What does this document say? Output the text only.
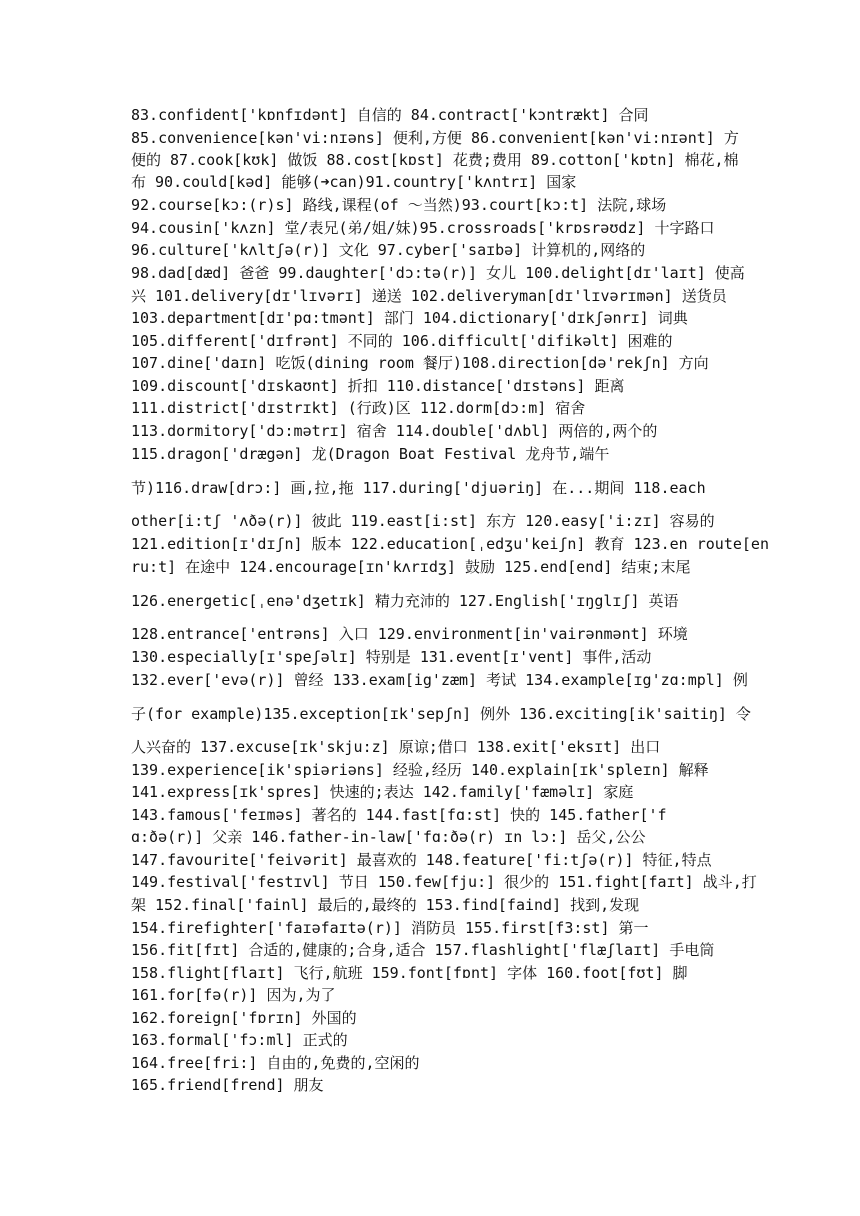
83.confident['kɒnfɪdənt] 自信的 84.contract['kɔntrækt] 合同
85.convenience[kən'vi:nɪəns] 便利,方便 86.convenient[kən'vi:nɪənt] 方
便的 87.cook[kʊk] 做饭 88.cost[kɒst] 花费;费用 89.cotton['kɒtn] 棉花,棉
布 90.could[kəd] 能够(➜can)91.country['kʌntrɪ] 国家
92.course[kɔ:(r)s] 路线,课程(of ～当然)93.court[kɔ:t] 法院,球场
94.cousin['kʌzn] 堂/表兄(弟/姐/妹)95.crossroads['krɒsrəʊdz] 十字路口
96.culture['kʌltʃə(r)] 文化 97.cyber['saɪbə] 计算机的,网络的
98.dad[dæd] 爸爸 99.daughter['dɔ:tə(r)] 女儿 100.delight[dɪ'laɪt] 使高
兴 101.delivery[dɪ'lɪvərɪ] 递送 102.deliveryman[dɪ'lɪvərɪmən] 送货员
103.department[dɪ'pɑ:tmənt] 部门 104.dictionary['dɪkʃənrɪ] 词典
105.different['dɪfrənt] 不同的 106.difficult['difikəlt] 困难的
107.dine['daɪn] 吃饭(dining room 餐厅)108.direction[də'rekʃn] 方向
109.discount['dɪskaʊnt] 折扣 110.distance['dɪstəns] 距离
111.district['dɪstrɪkt] (行政)区 112.dorm[dɔ:m] 宿舍
113.dormitory['dɔ:mətrɪ] 宿舍 114.double['dʌbl] 两倍的,两个的
115.dragon['drægən] 龙(Dragon Boat Festival 龙舟节,端午
节)116.draw[drɔ:] 画,拉,拖 117.during['djuəriŋ] 在...期间 118.each
other[i:tʃ 'ʌðə(r)] 彼此 119.east[i:st] 东方 120.easy['i:zɪ] 容易的
121.edition[ɪ'dɪʃn] 版本 122.education[ˌedʒu'keiʃn] 教育 123.en route[en
ru:t] 在途中 124.encourage[ɪn'kʌrɪdʒ] 鼓励 125.end[end] 结束;末尾
126.energetic[ˌenə'dʒetɪk] 精力充沛的 127.English['ɪŋglɪʃ] 英语
128.entrance['entrəns] 入口 129.environment[in'vairənmənt] 环境
130.especially[ɪ'speʃəlɪ] 特别是 131.event[ɪ'vent] 事件,活动
132.ever['evə(r)] 曾经 133.exam[ig'zæm] 考试 134.example[ɪg'zɑ:mpl] 例
子(for example)135.exception[ɪk'sepʃn] 例外 136.exciting[ik'saitiŋ] 令
人兴奋的 137.excuse[ɪk'skju:z] 原谅;借口 138.exit['eksɪt] 出口
139.experience[ik'spiəriəns] 经验,经历 140.explain[ɪk'spleɪn] 解释
141.express[ɪk'spres] 快速的;表达 142.family['fæməlɪ] 家庭
143.famous['feɪməs] 著名的 144.fast[fɑ:st] 快的 145.father['f
ɑ:ðə(r)] 父亲 146.father-in-law['fɑ:ðə(r) ɪn lɔ:] 岳父,公公
147.favourite['feivərit] 最喜欢的 148.feature['fi:tʃə(r)] 特征,特点
149.festival['festɪvl] 节日 150.few[fju:] 很少的 151.fight[faɪt] 战斗,打
架 152.final['fainl] 最后的,最终的 153.find[faind] 找到,发现
154.firefighter['faɪəfaɪtə(r)] 消防员 155.first[f3:st] 第一
156.fit[fɪt] 合适的,健康的;合身,适合 157.flashlight['flæʃlaɪt] 手电筒
158.flight[flaɪt] 飞行,航班 159.font[fɒnt] 字体 160.foot[fʊt] 脚
161.for[fə(r)] 因为,为了
162.foreign['fɒrɪn] 外国的
163.formal['fɔ:ml] 正式的
164.free[fri:] 自由的,免费的,空闲的
165.friend[frend] 朋友
